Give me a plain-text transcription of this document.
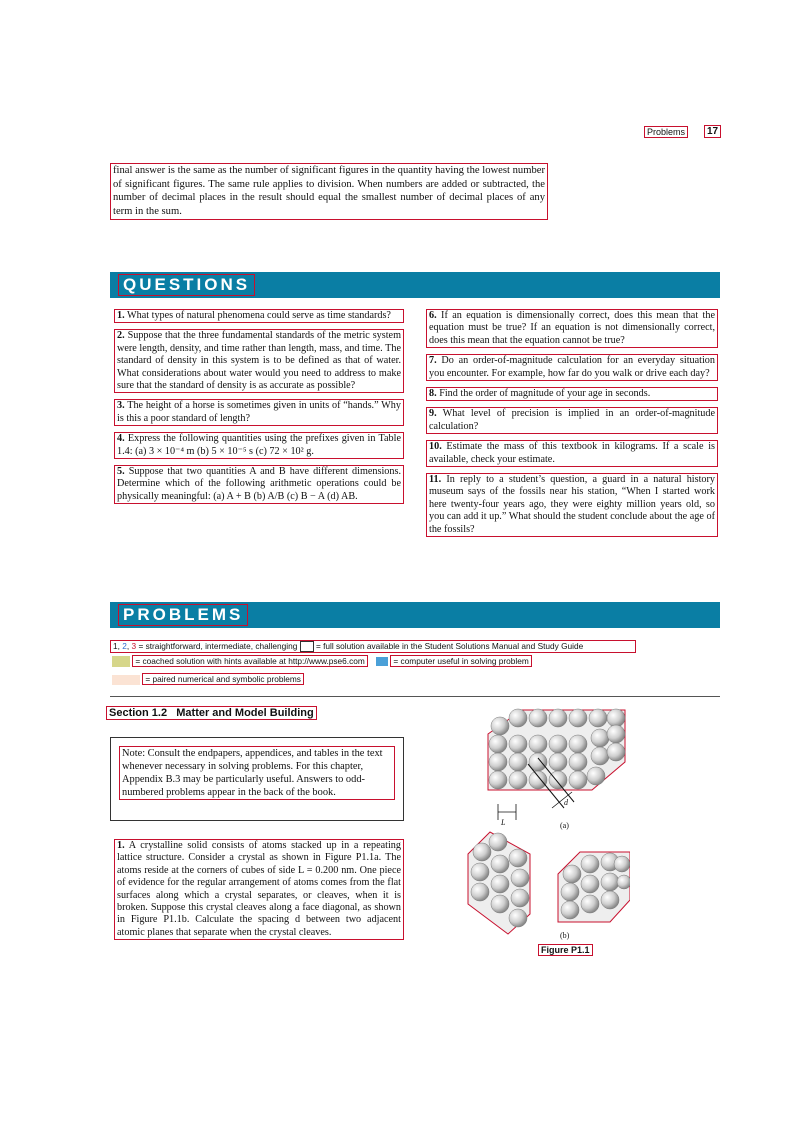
Problems	17
final answer is the same as the number of significant figures in the quantity having the lowest number of significant figures. The same rule applies to division. When numbers are added or subtracted, the number of decimal places in the result should equal the smallest number of decimal places of any term in the sum.
QUESTIONS
1. What types of natural phenomena could serve as time standards?
2. Suppose that the three fundamental standards of the metric system were length, density, and time rather than length, mass, and time. The standard of density in this system is to be defined as that of water. What considerations about water would you need to address to make sure that the standard of density is as accurate as possible?
3. The height of a horse is sometimes given in units of “hands.” Why is this a poor standard of length?
4. Express the following quantities using the prefixes given in Table 1.4: (a) 3 × 10⁻⁴ m (b) 5 × 10⁻⁵ s (c) 72 × 10² g.
5. Suppose that two quantities A and B have different dimensions. Determine which of the following arithmetic operations could be physically meaningful: (a) A + B (b) A/B (c) B − A (d) AB.
6. If an equation is dimensionally correct, does this mean that the equation must be true? If an equation is not dimensionally correct, does this mean that the equation cannot be true?
7. Do an order-of-magnitude calculation for an everyday situation you encounter. For example, how far do you walk or drive each day?
8. Find the order of magnitude of your age in seconds.
9. What level of precision is implied in an order-of-magnitude calculation?
10. Estimate the mass of this textbook in kilograms. If a scale is available, check your estimate.
11. In reply to a student’s question, a guard in a natural history museum says of the fossils near his station, “When I started work here twenty-four years ago, they were eighty million years old, so you can add it up.” What should the student conclude about the age of the fossils?
PROBLEMS
1, 2, 3 = straightforward, intermediate, challenging = full solution available in the Student Solutions Manual and Study Guide
= coached solution with hints available at http://www.pse6.com	= computer useful in solving problem
= paired numerical and symbolic problems
Section 1.2   Matter and Model Building
Note: Consult the endpapers, appendices, and tables in the text whenever necessary in solving problems. For this chapter, Appendix B.3 may be particularly useful. Answers to odd-numbered problems appear in the back of the book.
1. A crystalline solid consists of atoms stacked up in a repeating lattice structure. Consider a crystal as shown in Figure P1.1a. The atoms reside at the corners of cubes of side L = 0.200 nm. One piece of evidence for the regular arrangement of atoms comes from the flat surfaces along which a crystal separates, or cleaves, when it is broken. Suppose this crystal cleaves along a face diagonal, as shown in Figure P1.1b. Calculate the spacing d between two adjacent atomic planes that separate when the crystal cleaves.
L
d
(a)
(b)
Figure P1.1
